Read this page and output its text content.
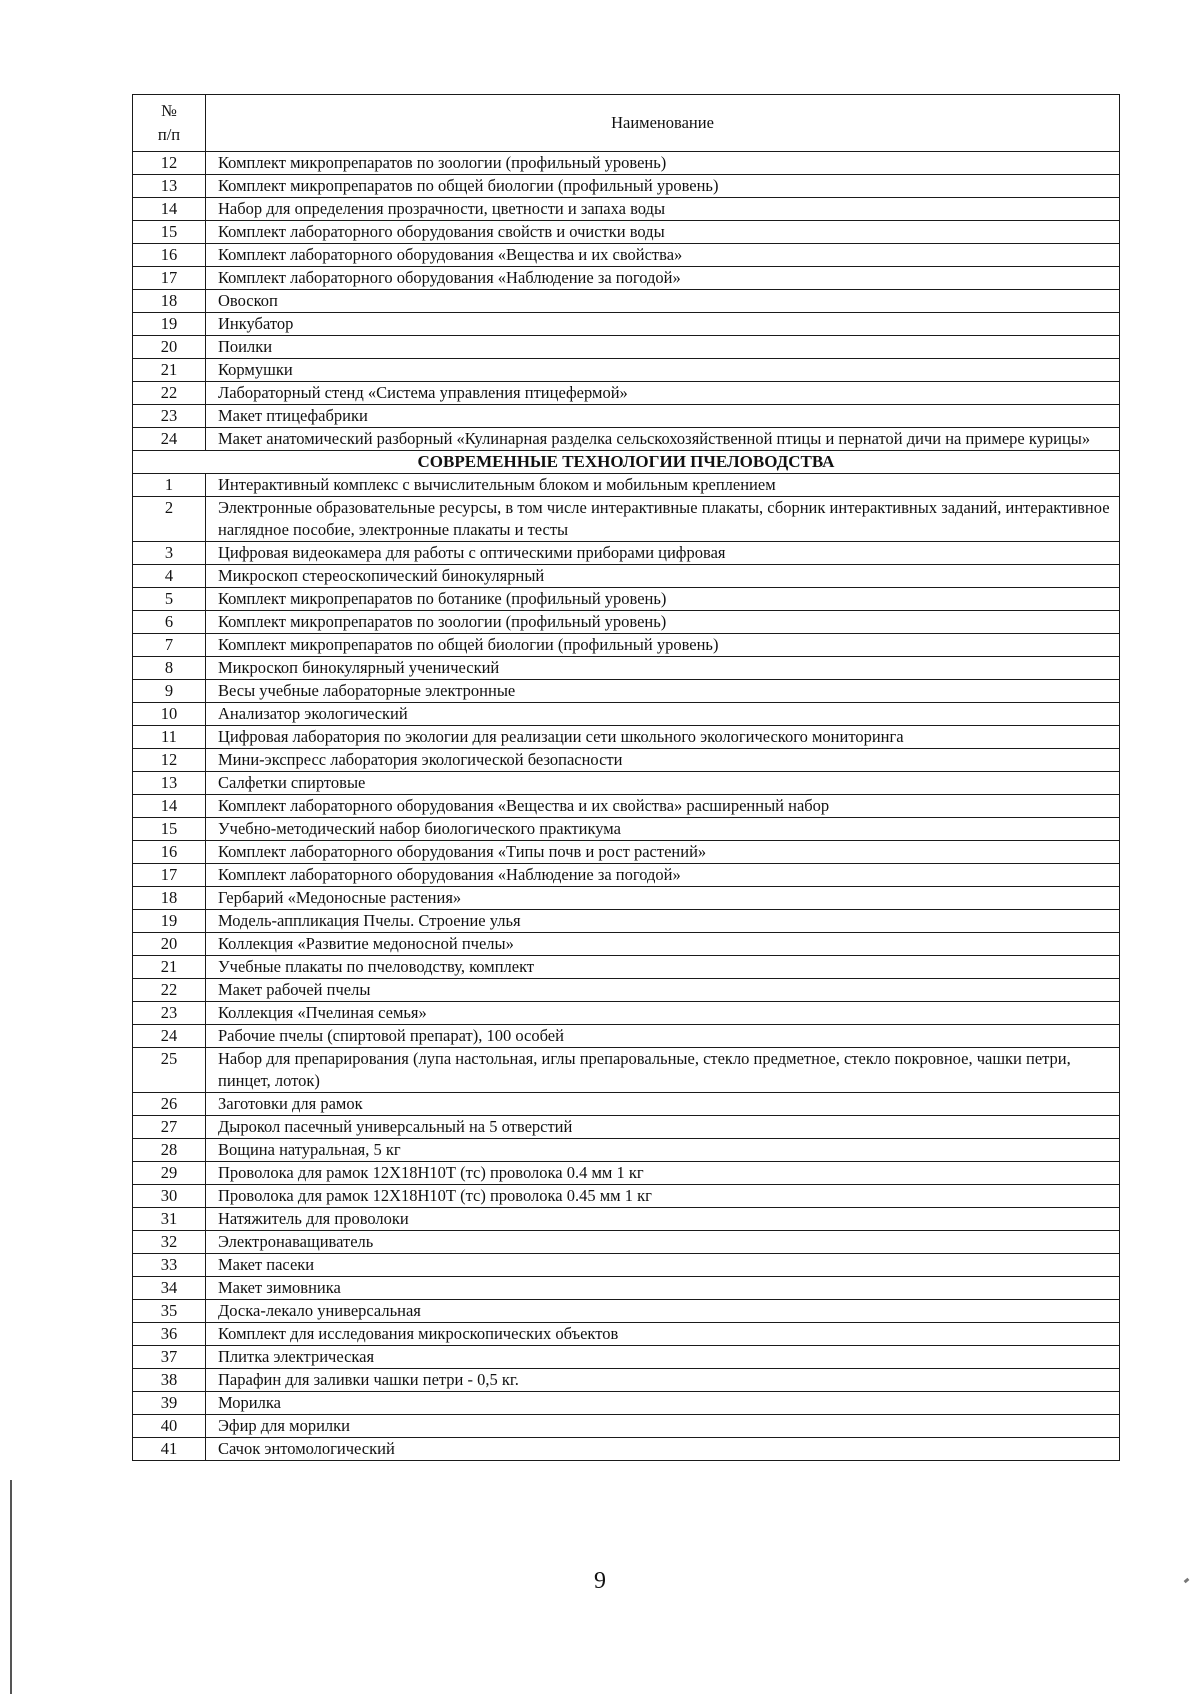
№
п/п	Наименование
12	Комплект микропрепаратов по зоологии (профильный уровень)
13	Комплект микропрепаратов по общей биологии (профильный уровень)
14	Набор для определения прозрачности, цветности и запаха воды
15	Комплект лабораторного оборудования свойств и очистки воды
16	Комплект лабораторного оборудования «Вещества и их свойства»
17	Комплект лабораторного оборудования «Наблюдение за погодой»
18	Овоскоп
19	Инкубатор
20	Поилки
21	Кормушки
22	Лабораторный стенд «Система управления птицефермой»
23	Макет птицефабрики
24	Макет анатомический разборный «Кулинарная разделка сельскохозяйственной птицы и пернатой дичи на примере курицы»
СОВРЕМЕННЫЕ ТЕХНОЛОГИИ ПЧЕЛОВОДСТВА	
1	Интерактивный комплекс с вычислительным блоком и мобильным креплением
2	Электронные образовательные ресурсы, в том числе интерактивные плакаты, сборник интерактивных заданий, интерактивное наглядное пособие, электронные плакаты и тесты
3	Цифровая видеокамера для работы с оптическими приборами цифровая
4	Микроскоп стереоскопический бинокулярный
5	Комплект микропрепаратов по ботанике (профильный уровень)
6	Комплект микропрепаратов по зоологии (профильный уровень)
7	Комплект микропрепаратов по общей биологии (профильный уровень)
8	Микроскоп бинокулярный ученический
9	Весы учебные лабораторные электронные
10	Анализатор экологический
11	Цифровая лаборатория по экологии для реализации сети школьного экологического мониторинга
12	Мини-экспресс лаборатория экологической безопасности
13	Салфетки спиртовые
14	Комплект лабораторного оборудования «Вещества и их свойства» расширенный набор
15	Учебно-методический набор биологического практикума
16	Комплект лабораторного оборудования «Типы почв и рост растений»
17	Комплект лабораторного оборудования «Наблюдение за погодой»
18	Гербарий «Медоносные растения»
19	Модель-аппликация Пчелы. Строение улья
20	Коллекция «Развитие медоносной пчелы»
21	Учебные плакаты по пчеловодству, комплект
22	Макет рабочей пчелы
23	Коллекция «Пчелиная семья»
24	Рабочие пчелы (спиртовой препарат), 100 особей
25	Набор для препарирования (лупа настольная, иглы препаровальные, стекло предметное, стекло покровное, чашки петри, пинцет, лоток)
26	Заготовки для рамок
27	Дырокол пасечный универсальный на 5 отверстий
28	Вощина натуральная, 5 кг
29	Проволока для рамок 12Х18Н10Т (тс) проволока 0.4 мм 1 кг
30	Проволока для рамок 12Х18Н10Т (тс) проволока 0.45 мм 1 кг
31	Натяжитель для проволоки
32	Электронаващиватель
33	Макет пасеки
34	Макет зимовника
35	Доска-лекало универсальная
36	Комплект для исследования микроскопических объектов
37	Плитка электрическая
38	Парафин для заливки чашки петри - 0,5 кг.
39	Морилка
40	Эфир для морилки
41	Сачок энтомологический
9
